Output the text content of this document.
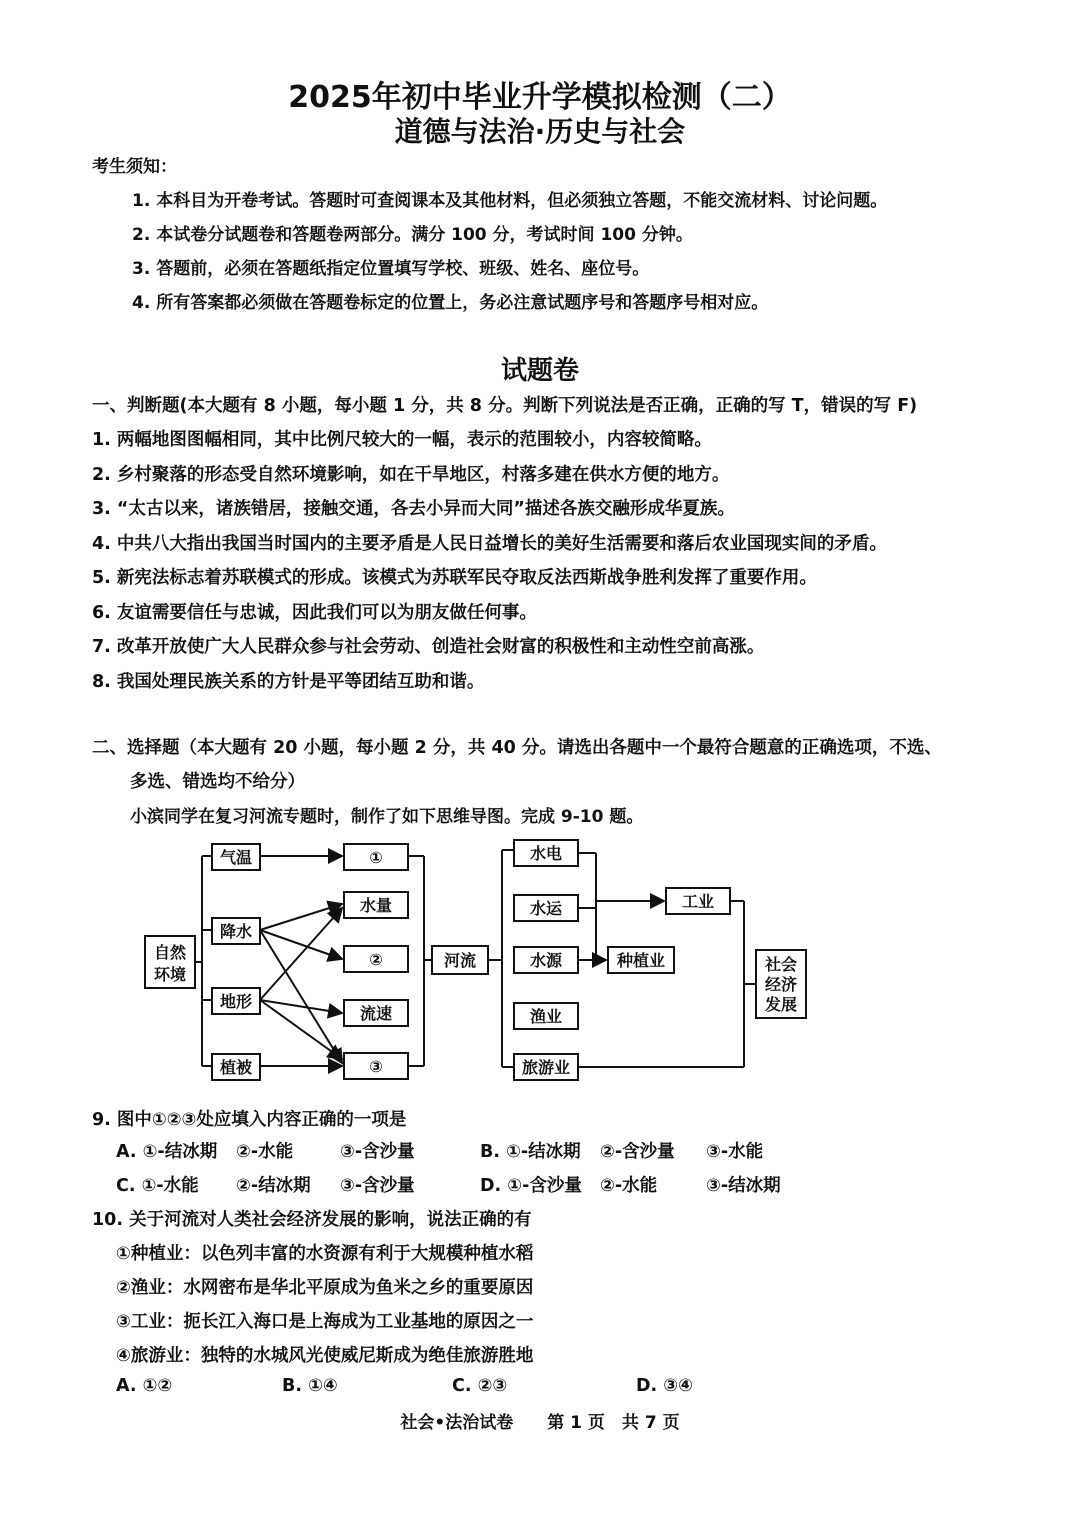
2025年初中毕业升学模拟检测（二）
道德与法治·历史与社会
考生须知：
1. 本科目为开卷考试。答题时可查阅课本及其他材料，但必须独立答题，不能交流材料、讨论问题。
2. 本试卷分试题卷和答题卷两部分。满分 100 分，考试时间 100 分钟。
3. 答题前，必须在答题纸指定位置填写学校、班级、姓名、座位号。
4. 所有答案都必须做在答题卷标定的位置上，务必注意试题序号和答题序号相对应。
试题卷
一、判断题(本大题有 8 小题，每小题 1 分，共 8 分。判断下列说法是否正确，正确的写 T，错误的写 F)
1. 两幅地图图幅相同，其中比例尺较大的一幅，表示的范围较小，内容较简略。
2. 乡村聚落的形态受自然环境影响，如在干旱地区，村落多建在供水方便的地方。
3. “太古以来，诸族错居，接触交通，各去小异而大同”描述各族交融形成华夏族。
4. 中共八大指出我国当时国内的主要矛盾是人民日益增长的美好生活需要和落后农业国现实间的矛盾。
5. 新宪法标志着苏联模式的形成。该模式为苏联军民夺取反法西斯战争胜利发挥了重要作用。
6. 友谊需要信任与忠诚，因此我们可以为朋友做任何事。
7. 改革开放使广大人民群众参与社会劳动、创造社会财富的积极性和主动性空前高涨。
8. 我国处理民族关系的方针是平等团结互助和谐。
二、选择题（本大题有 20 小题，每小题 2 分，共 40 分。请选出各题中一个最符合题意的正确选项，不选、
多选、错选均不给分）
小滨同学在复习河流专题时，制作了如下思维导图。完成 9-10 题。
自然
环境
气温
降水
地形
植被
①
水量
②
流速
③
河流
水电
水运
水源
渔业
旅游业
工业
种植业	社会
经济
发展
9. 图中①②③处应填入内容正确的一项是
A. ①-结冰期 ②-水能	③-含沙量	B. ①-结冰期 ②-含沙量 ③-水能
C. ①-水能 ②-结冰期 ③-含沙量	D. ①-含沙量 ②-水能	③-结冰期
10. 关于河流对人类社会经济发展的影响，说法正确的有
①种植业：以色列丰富的水资源有利于大规模种植水稻
②渔业：水网密布是华北平原成为鱼米之乡的重要原因
③工业：扼长江入海口是上海成为工业基地的原因之一
④旅游业：独特的水城风光使威尼斯成为绝佳旅游胜地
A. ①②	B. ①④	C. ②③	D. ③④
社会•法治试卷　　第 1 页　共 7 页
